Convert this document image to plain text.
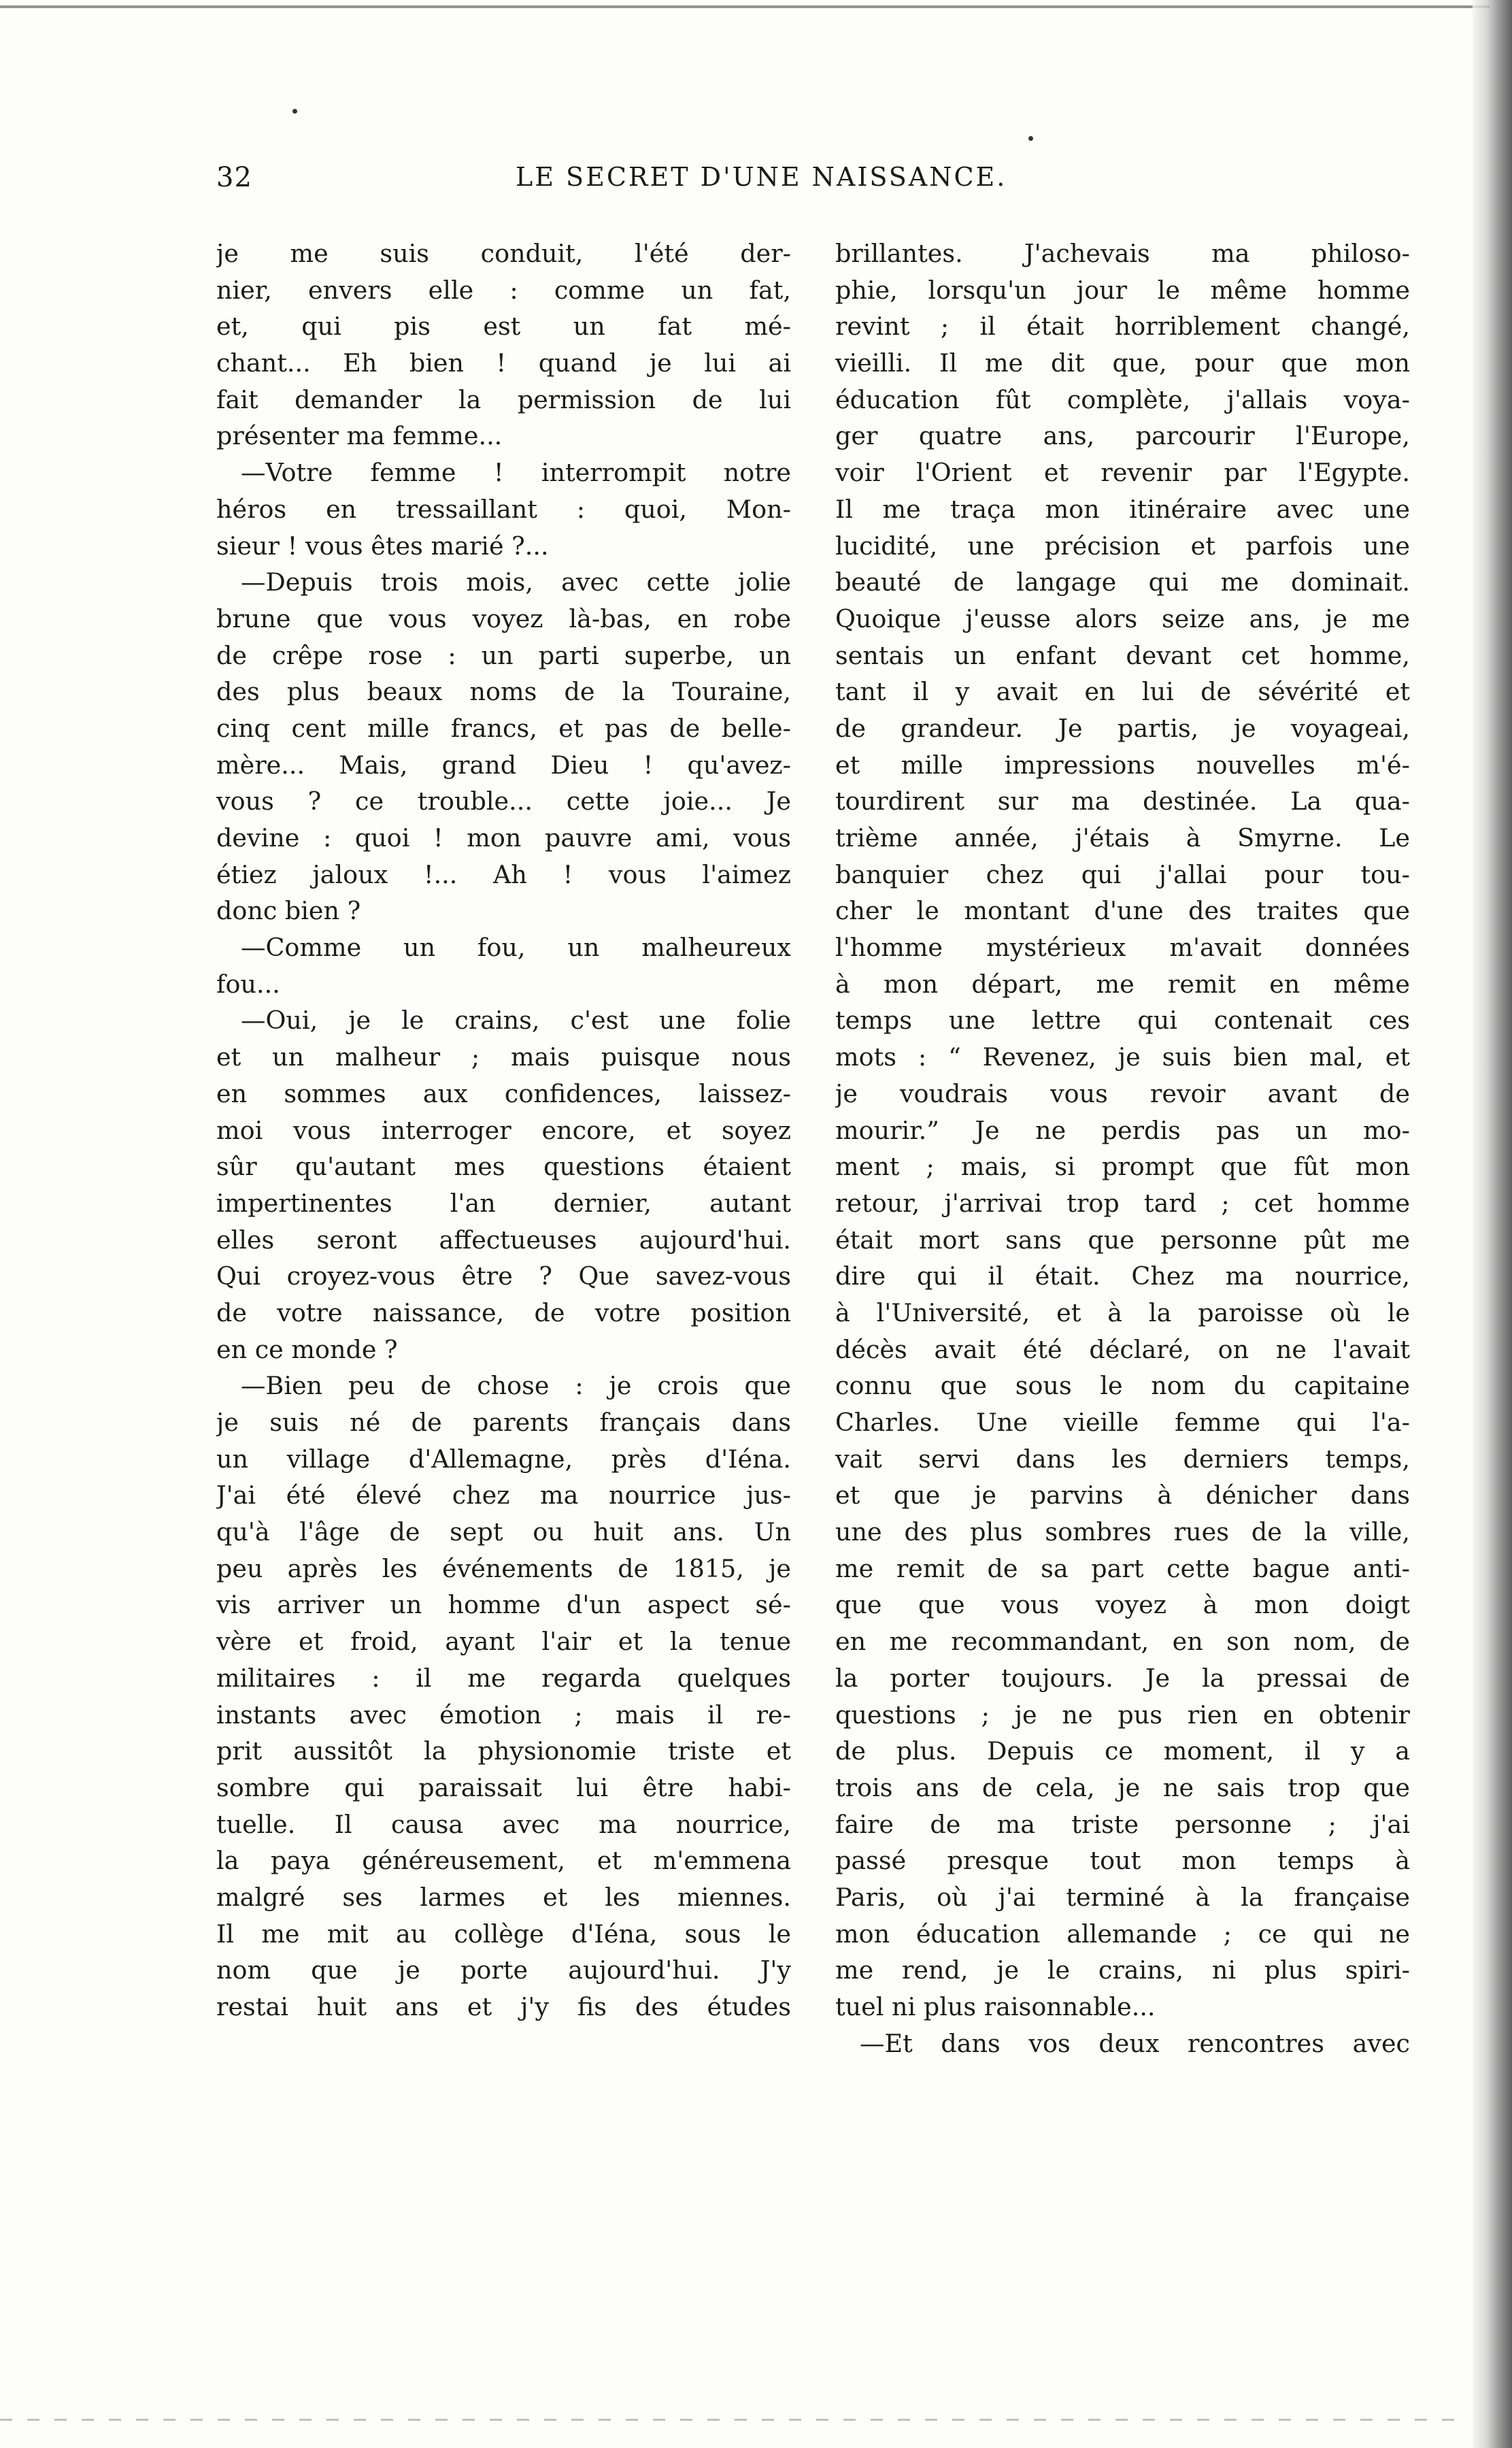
32	LE SECRET D'UNE NAISSANCE.
je me suis conduit, l'été der-
nier, envers elle : comme un fat,
et, qui pis est un fat mé-
chant... Eh bien ! quand je lui ai
fait demander la permission de lui
présenter ma femme...
—Votre femme ! interrompit notre
héros en tressaillant : quoi, Mon-
sieur ! vous êtes marié ?...
—Depuis trois mois, avec cette jolie
brune que vous voyez là-bas, en robe
de crêpe rose : un parti superbe, un
des plus beaux noms de la Touraine,
cinq cent mille francs, et pas de belle-
mère... Mais, grand Dieu ! qu'avez-
vous ? ce trouble... cette joie... Je
devine : quoi ! mon pauvre ami, vous
étiez jaloux !... Ah ! vous l'aimez
donc bien ?
—Comme un fou, un malheureux
fou...
—Oui, je le crains, c'est une folie
et un malheur ; mais puisque nous
en sommes aux confidences, laissez-
moi vous interroger encore, et soyez
sûr qu'autant mes questions étaient
impertinentes l'an dernier, autant
elles seront affectueuses aujourd'hui.
Qui croyez-vous être ? Que savez-vous
de votre naissance, de votre position
en ce monde ?
—Bien peu de chose : je crois que
je suis né de parents français dans
un village d'Allemagne, près d'Iéna.
J'ai été élevé chez ma nourrice jus-
qu'à l'âge de sept ou huit ans. Un
peu après les événements de 1815, je
vis arriver un homme d'un aspect sé-
vère et froid, ayant l'air et la tenue
militaires : il me regarda quelques
instants avec émotion ; mais il re-
prit aussitôt la physionomie triste et
sombre qui paraissait lui être habi-
tuelle. Il causa avec ma nourrice,
la paya généreusement, et m'emmena
malgré ses larmes et les miennes.
Il me mit au collège d'Iéna, sous le
nom que je porte aujourd'hui. J'y
restai huit ans et j'y fis des études
brillantes. J'achevais ma philoso-
phie, lorsqu'un jour le même homme
revint ; il était horriblement changé,
vieilli. Il me dit que, pour que mon
éducation fût complète, j'allais voya-
ger quatre ans, parcourir l'Europe,
voir l'Orient et revenir par l'Egypte.
Il me traça mon itinéraire avec une
lucidité, une précision et parfois une
beauté de langage qui me dominait.
Quoique j'eusse alors seize ans, je me
sentais un enfant devant cet homme,
tant il y avait en lui de sévérité et
de grandeur. Je partis, je voyageai,
et mille impressions nouvelles m'é-
tourdirent sur ma destinée. La qua-
trième année, j'étais à Smyrne. Le
banquier chez qui j'allai pour tou-
cher le montant d'une des traites que
l'homme mystérieux m'avait données
à mon départ, me remit en même
temps une lettre qui contenait ces
mots : “ Revenez, je suis bien mal, et
je voudrais vous revoir avant de
mourir.” Je ne perdis pas un mo-
ment ; mais, si prompt que fût mon
retour, j'arrivai trop tard ; cet homme
était mort sans que personne pût me
dire qui il était. Chez ma nourrice,
à l'Université, et à la paroisse où le
décès avait été déclaré, on ne l'avait
connu que sous le nom du capitaine
Charles. Une vieille femme qui l'a-
vait servi dans les derniers temps,
et que je parvins à dénicher dans
une des plus sombres rues de la ville,
me remit de sa part cette bague anti-
que que vous voyez à mon doigt
en me recommandant, en son nom, de
la porter toujours. Je la pressai de
questions ; je ne pus rien en obtenir
de plus. Depuis ce moment, il y a
trois ans de cela, je ne sais trop que
faire de ma triste personne ; j'ai
passé presque tout mon temps à
Paris, où j'ai terminé à la française
mon éducation allemande ; ce qui ne
me rend, je le crains, ni plus spiri-
tuel ni plus raisonnable...
—Et dans vos deux rencontres avec
